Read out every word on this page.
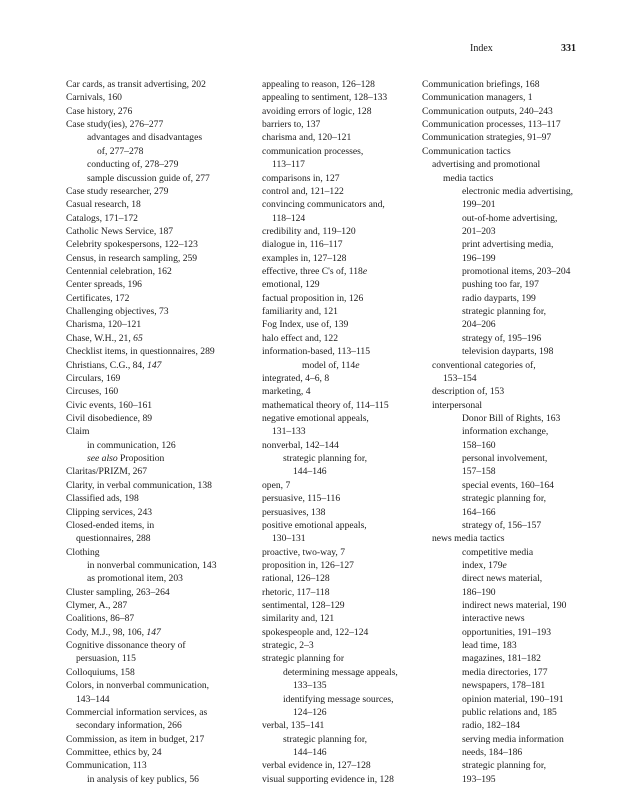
Index	331
Car cards, as transit advertising, 202
Carnivals, 160
Case history, 276
Case study(ies), 276–277
advantages and disadvantages
of, 277–278
conducting of, 278–279
sample discussion guide of, 277
Case study researcher, 279
Casual research, 18
Catalogs, 171–172
Catholic News Service, 187
Celebrity spokespersons, 122–123
Census, in research sampling, 259
Centennial celebration, 162
Center spreads, 196
Certificates, 172
Challenging objectives, 73
Charisma, 120–121
Chase, W.H., 21, 65
Checklist items, in questionnaires, 289
Christians, C.G., 84, 147
Circulars, 169
Circuses, 160
Civic events, 160–161
Civil disobedience, 89
Claim
in communication, 126
see also Proposition
Claritas/PRIZM, 267
Clarity, in verbal communication, 138
Classified ads, 198
Clipping services, 243
Closed-ended items, in
questionnaires, 288
Clothing
in nonverbal communication, 143
as promotional item, 203
Cluster sampling, 263–264
Clymer, A., 287
Coalitions, 86–87
Cody, M.J., 98, 106, 147
Cognitive dissonance theory of
persuasion, 115
Colloquiums, 158
Colors, in nonverbal communication,
143–144
Commercial information services, as
secondary information, 266
Commission, as item in budget, 217
Committee, ethics by, 24
Communication, 113
in analysis of key publics, 56
appealing to reason, 126–128
appealing to sentiment, 128–133
avoiding errors of logic, 128
barriers to, 137
charisma and, 120–121
communication processes,
113–117
comparisons in, 127
control and, 121–122
convincing communicators and,
118–124
credibility and, 119–120
dialogue in, 116–117
examples in, 127–128
effective, three C's of, 118e
emotional, 129
factual proposition in, 126
familiarity and, 121
Fog Index, use of, 139
halo effect and, 122
information-based, 113–115
model of, 114e
integrated, 4–6, 8
marketing, 4
mathematical theory of, 114–115
negative emotional appeals,
131–133
nonverbal, 142–144
strategic planning for,
144–146
open, 7
persuasive, 115–116
persuasives, 138
positive emotional appeals,
130–131
proactive, two-way, 7
proposition in, 126–127
rational, 126–128
rhetoric, 117–118
sentimental, 128–129
similarity and, 121
spokespeople and, 122–124
strategic, 2–3
strategic planning for
determining message appeals,
133–135
identifying message sources,
124–126
verbal, 135–141
strategic planning for,
144–146
verbal evidence in, 127–128
visual supporting evidence in, 128
Communication briefings, 168
Communication managers, 1
Communication outputs, 240–243
Communication processes, 113–117
Communication strategies, 91–97
Communication tactics
advertising and promotional
media tactics
electronic media advertising,
199–201
out-of-home advertising,
201–203
print advertising media,
196–199
promotional items, 203–204
pushing too far, 197
radio dayparts, 199
strategic planning for,
204–206
strategy of, 195–196
television dayparts, 198
conventional categories of,
153–154
description of, 153
interpersonal
Donor Bill of Rights, 163
information exchange,
158–160
personal involvement,
157–158
special events, 160–164
strategic planning for,
164–166
strategy of, 156–157
news media tactics
competitive media
index, 179e
direct news material,
186–190
indirect news material, 190
interactive news
opportunities, 191–193
lead time, 183
magazines, 181–182
media directories, 177
newspapers, 178–181
opinion material, 190–191
public relations and, 185
radio, 182–184
serving media information
needs, 184–186
strategic planning for,
193–195
